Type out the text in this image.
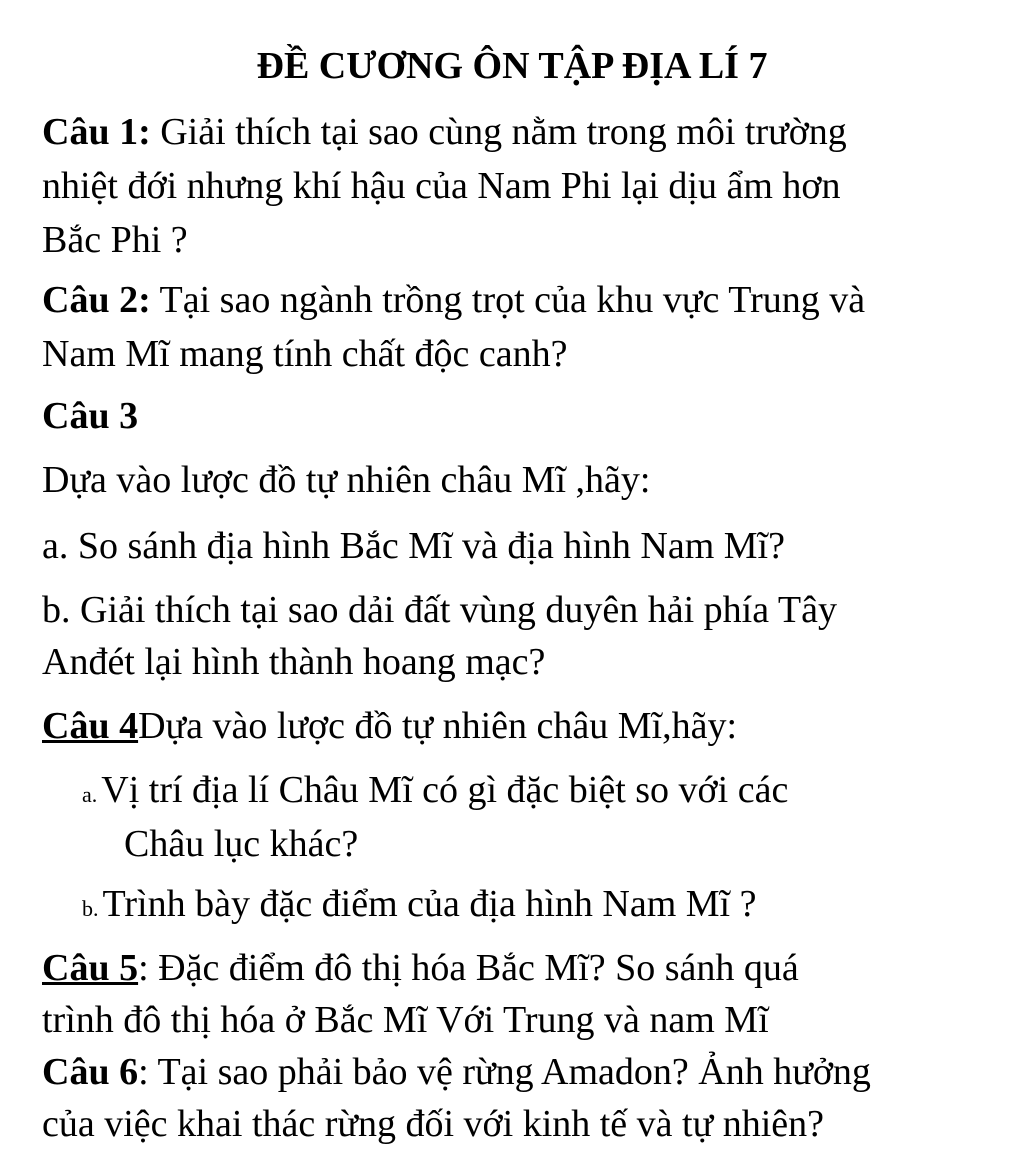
ĐỀ CƯƠNG ÔN TẬP ĐỊA LÍ 7
Câu 1: Giải thích tại sao cùng nằm trong môi trường
nhiệt đới nhưng khí hậu của Nam Phi lại dịu ẩm hơn
Bắc Phi ?
Câu 2: Tại sao ngành trồng trọt của khu vực Trung và
Nam Mĩ mang tính chất độc canh?
Câu 3
Dựa vào lược đồ tự nhiên châu Mĩ ,hãy:
a. So sánh địa hình Bắc Mĩ và địa hình Nam Mĩ?
b. Giải thích tại sao dải đất vùng duyên hải phía Tây
Anđét lại hình thành hoang mạc?
Câu 4Dựa vào lược đồ tự nhiên châu Mĩ,hãy:
a. Vị trí địa lí Châu Mĩ có gì đặc biệt so với các
Châu lục khác?
b. Trình bày đặc điểm của địa hình Nam Mĩ ?
Câu 5: Đặc điểm đô thị hóa Bắc Mĩ? So sánh quá
trình đô thị hóa ở Bắc Mĩ Với Trung và nam Mĩ
Câu 6: Tại sao phải bảo vệ rừng Amadon? Ảnh hưởng
của việc khai thác rừng đối với kinh tế và tự nhiên?
